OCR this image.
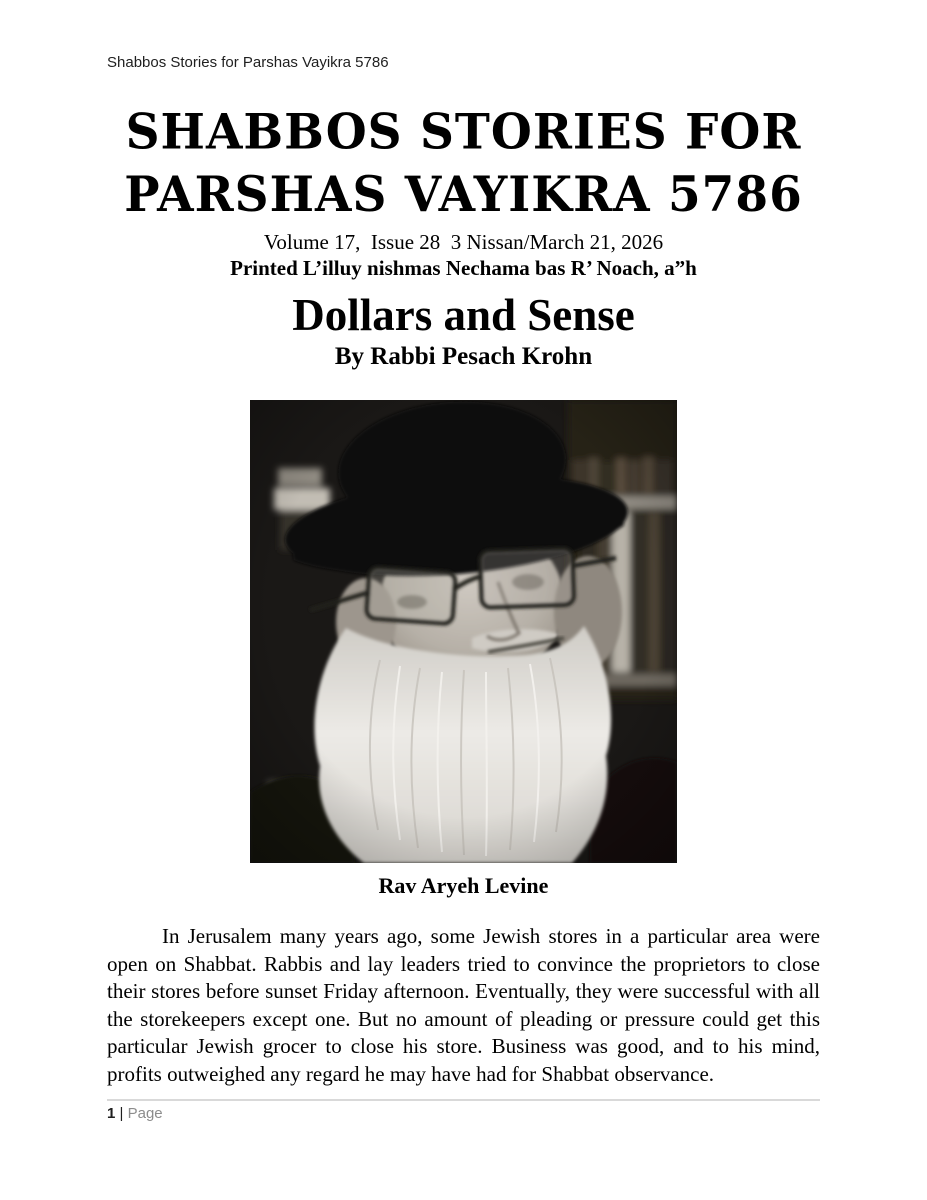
Shabbos Stories for Parshas Vayikra 5786
SHABBOS STORIES FOR
PARSHAS VAYIKRA 5786
Volume 17,  Issue 28  3 Nissan/March 21, 2026
Printed L’illuy nishmas Nechama bas R’ Noach, a”h
Dollars and Sense
By Rabbi Pesach Krohn
Rav Aryeh Levine

In Jerusalem many years ago, some Jewish stores in a particular area were open on Shabbat. Rabbis and lay leaders tried to convince the proprietors to close their stores before sunset Friday afternoon. Eventually, they were successful with all the storekeepers except one. But no amount of pleading or pressure could get this particular Jewish grocer to close his store. Business was good, and to his mind, profits outweighed any regard he may have had for Shabbat observance.

1 | Page
